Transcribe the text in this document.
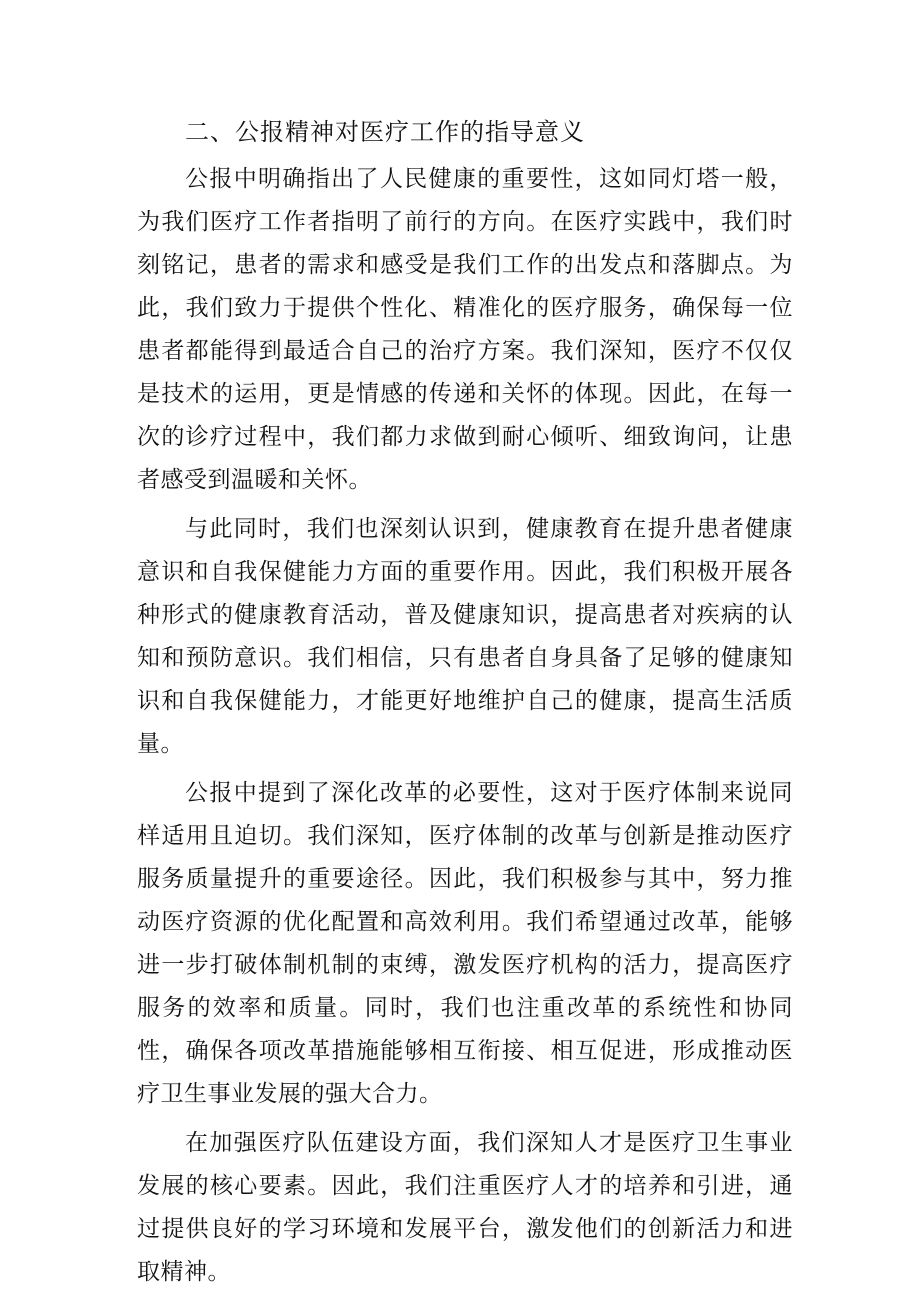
二、公报精神对医疗工作的指导意义

公报中明确指出了人民健康的重要性，这如同灯塔一般，为我们医疗工作者指明了前行的方向。在医疗实践中，我们时刻铭记，患者的需求和感受是我们工作的出发点和落脚点。为此，我们致力于提供个性化、精准化的医疗服务，确保每一位患者都能得到最适合自己的治疗方案。我们深知，医疗不仅仅是技术的运用，更是情感的传递和关怀的体现。因此，在每一次的诊疗过程中，我们都力求做到耐心倾听、细致询问，让患者感受到温暖和关怀。

与此同时，我们也深刻认识到，健康教育在提升患者健康意识和自我保健能力方面的重要作用。因此，我们积极开展各种形式的健康教育活动，普及健康知识，提高患者对疾病的认知和预防意识。我们相信，只有患者自身具备了足够的健康知识和自我保健能力，才能更好地维护自己的健康，提高生活质量。

公报中提到了深化改革的必要性，这对于医疗体制来说同样适用且迫切。我们深知，医疗体制的改革与创新是推动医疗服务质量提升的重要途径。因此，我们积极参与其中，努力推动医疗资源的优化配置和高效利用。我们希望通过改革，能够进一步打破体制机制的束缚，激发医疗机构的活力，提高医疗服务的效率和质量。同时，我们也注重改革的系统性和协同性，确保各项改革措施能够相互衔接、相互促进，形成推动医疗卫生事业发展的强大合力。

在加强医疗队伍建设方面，我们深知人才是医疗卫生事业发展的核心要素。因此，我们注重医疗人才的培养和引进，通过提供良好的学习环境和发展平台，激发他们的创新活力和进取精神。
